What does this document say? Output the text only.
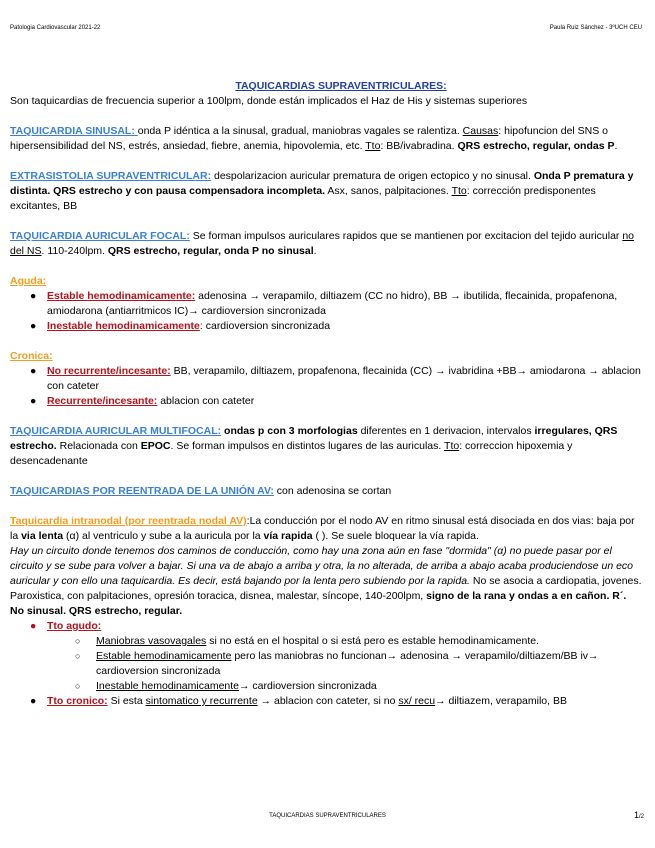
Patologia Cardiovascular 2021-22	Paula Ruiz Sánchez - 3ºUCH CEU
TAQUICARDIAS SUPRAVENTRICULARES:

Son taquicardias de frecuencia superior a 100lpm, donde están implicados el Haz de His y sistemas superiores

TAQUICARDIA SINUSAL: onda P idéntica a la sinusal, gradual, maniobras vagales se ralentiza. Causas: hipofuncion del SNS o hipersensibilidad del NS, estrés, ansiedad, fiebre, anemia, hipovolemia, etc. Tto: BB/ivabradina. QRS estrecho, regular, ondas P.

EXTRASISTOLIA SUPRAVENTRICULAR: despolarizacion auricular prematura de origen ectopico y no sinusal. Onda P prematura y distinta. QRS estrecho y con pausa compensadora incompleta. Asx, sanos, palpitaciones. Tto: corrección predisponentes excitantes, BB

TAQUICARDIA AURICULAR FOCAL: Se forman impulsos auriculares rapidos que se mantienen por excitacion del tejido auricular no del NS. 110-240lpm. QRS estrecho, regular, onda P no sinusal.

Aguda:

● Estable hemodinamicamente: adenosina → verapamilo, diltiazem (CC no hidro), BB → ibutilida, flecainida, propafenona, amiodarona (antiarritmicos IC)→ cardioversion sincronizada
● Inestable hemodinamicamente: cardioversion sincronizada

Cronica:

● No recurrente/incesante: BB, verapamilo, diltiazem, propafenona, flecainida (CC) → ivabridina +BB→ amiodarona → ablacion con cateter
● Recurrente/incesante: ablacion con cateter

TAQUICARDIA AURICULAR MULTIFOCAL: ondas p con 3 morfologias diferentes en 1 derivacion, intervalos irregulares, QRS estrecho. Relacionada con EPOC. Se forman impulsos en distintos lugares de las auriculas. Tto: correccion hipoxemia y desencadenante

TAQUICARDIAS POR REENTRADA DE LA UNIÓN AV: con adenosina se cortan

Taquicardia intranodal (por reentrada nodal AV):La conducción por el nodo AV en ritmo sinusal está disociada en dos vias: baja por la via lenta (α) al ventriculo y sube a la auricula por la vía rapida ( ). Se suele bloquear la vía rapida.

Hay un circuito donde tenemos dos caminos de conducción, como hay una zona aún en fase "dormida" (α) no puede pasar por el circuito y se sube para volver a bajar. Si una va de abajo a arriba y otra, la no alterada, de arriba a abajo acaba produciendose un eco auricular y con ello una taquicardia. Es decir, está bajando por la lenta pero subiendo por la rapida. No se asocia a cardiopatia, jovenes. Paroxistica, con palpitaciones, opresión toracica, disnea, malestar, síncope, 140-200lpm, signo de la rana y ondas a en cañon. R´. No sinusal. QRS estrecho, regular.

● Tto agudo:
○ Maniobras vasovagales si no está en el hospital o si está pero es estable hemodinamicamente.
○ Estable hemodinamicamente pero las maniobras no funcionan→ adenosina → verapamilo/diltiazem/BB iv→ cardioversion sincronizada
○ Inestable hemodinamicamente→ cardioversion sincronizada
● Tto cronico: Si esta sintomatico y recurrente → ablacion con cateter, si no sx/ recu→ diltiazem, verapamilo, BB
TAQUICARDIAS SUPRAVENTRICULARES	1/2
